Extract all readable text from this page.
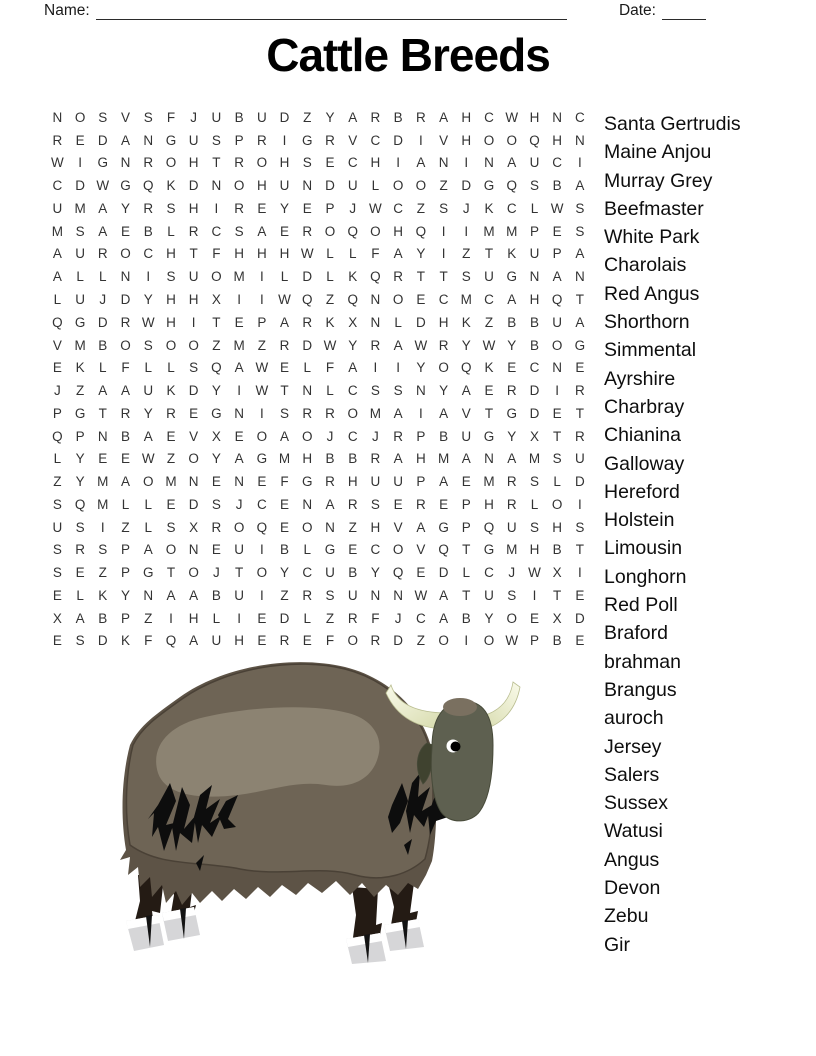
Name:	Date:
Cattle Breeds
N O S	V	S	F	J	U B U D	Z	Y	A R B R A H C W H N C
R E D A N G U S	P R	I	G R V C D	I	V H O O Q H N
W	I	G N R O H	T	R O H S	E C H	I	A N	I	N A U C	I
C D W G Q K D N O H U N D U	L	O O Z	D G Q S	B	A
U M A	Y R S H	I	R E	Y	E	P	J W C	Z	S	J	K C	L W S
M S	A	E	B	L	R C S	A	E R O Q O H Q	I	I	M M P	E	S
A U R O C H	T	F	H H H W L	L	F	A	Y	I	Z	T	K U P	A
A	L	L	N	I	S U O M	I	L	D	L	K Q R	T	T	S U G N A N
L	U	J	D Y H H X	I	I	W Q Z Q N O E C M C A H Q T
Q G D R W H	I	T	E	P	A R K	X N	L	D H K	Z	B	B U A
V M B O S O O Z M Z	R D W Y R A W R Y W Y	B O G
E	K	L	F	L	L	S Q A W E	L	F	A	I	I	Y O Q K	E C N E
J	Z	A	A U K D Y	I	W T	N	L	C S	S N Y	A	E R D	I	R
P G T	R Y R E G N	I	S R R O M A	I	A	V	T G D E	T
Q P N B	A	E	V	X	E O A O	J	C	J	R P	B U G Y	X	T	R
L	Y	E	E W Z O Y	A G M H B	B R A H M A N A M S U
Z	Y M A O M N E N E	F G R H U U P	A	E M R S	L	D
S Q M L	L	E D S	J	C E N A R S	E R E	P H R	L	O	I
U S	I	Z	L	S	X R O Q E O N	Z	H V	A G P Q U S H S
S R S	P	A O N E U	I	B	L	G E C O V Q T G M H B	T
S	E	Z	P G T O	J	T O Y C U B	Y Q E D	L	C	J W X	I
E	L	K	Y N A	A	B U	I	Z	R S U N N W A	T	U S	I	T	E
X	A	B	P	Z	I	H	L	I	E D	L	Z	R	F	J	C A	B	Y O E	X D
E	S D K	F Q A U H E R E	F O R D	Z O	I	O W P	B	E
Santa Gertrudis
Maine Anjou
Murray Grey
Beefmaster
White Park
Charolais
Red Angus
Shorthorn
Simmental
Ayrshire
Charbray
Chianina
Galloway
Hereford
Holstein
Limousin
Longhorn
Red Poll
Braford
brahman
Brangus
auroch
Jersey
Salers
Sussex
Watusi
Angus
Devon
Zebu
Gir
